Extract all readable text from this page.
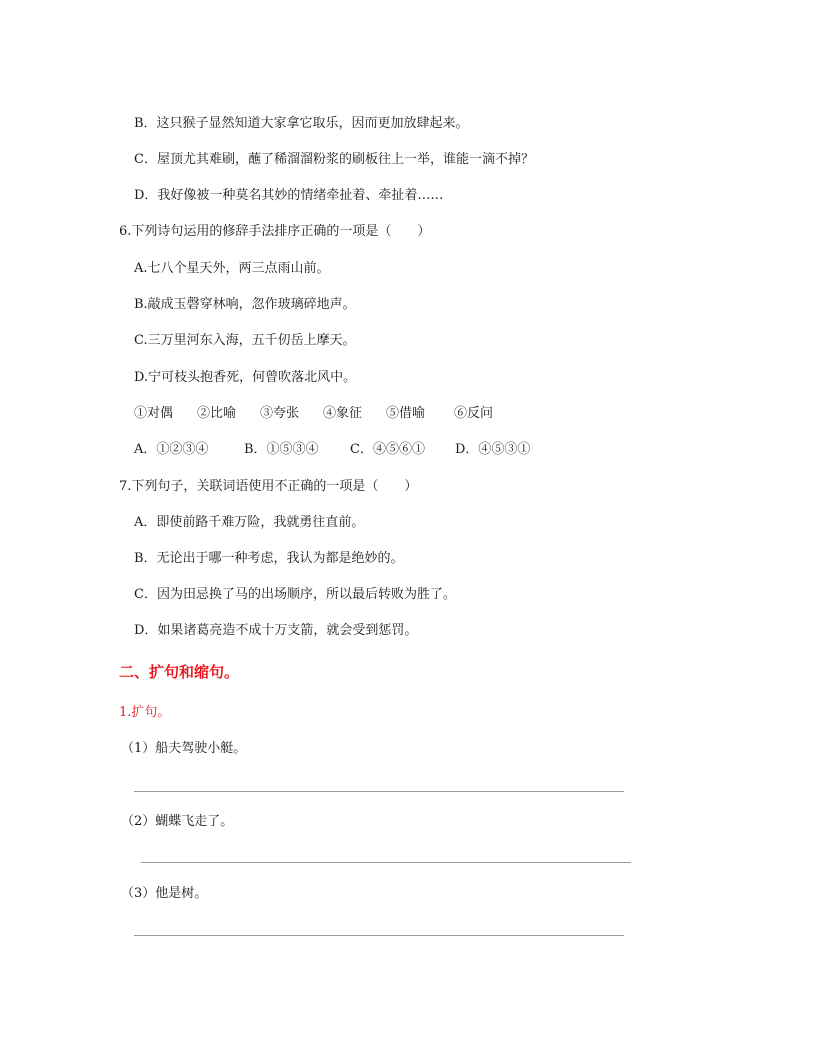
B．这只猴子显然知道大家拿它取乐，因而更加放肆起来。
C．屋顶尤其难刷，蘸了稀溜溜粉浆的刷板往上一举，谁能一滴不掉？
D．我好像被一种莫名其妙的情绪牵扯着、牵扯着……
6.下列诗句运用的修辞手法排序正确的一项是（　　）
A.七八个星天外，两三点雨山前。
B.敲成玉磬穿林响，忽作玻璃碎地声。
C.三万里河东入海，五千仞岳上摩天。
D.宁可枝头抱香死，何曾吹落北风中。
①对偶 ②比喻 ③夸张 ④象征 ⑤借喻 ⑥反问
A．①②③④	B．①⑤③④ C．④⑤⑥① D．④⑤③①
7.下列句子，关联词语使用不正确的一项是（　　）
A．即使前路千难万险，我就勇往直前。
B．无论出于哪一种考虑，我认为都是绝妙的。
C．因为田忌换了马的出场顺序，所以最后转败为胜了。
D．如果诸葛亮造不成十万支箭，就会受到惩罚。
二、扩句和缩句。
1.扩句。
（1）船夫驾驶小艇。
（2）蝴蝶飞走了。
（3）他是树。
